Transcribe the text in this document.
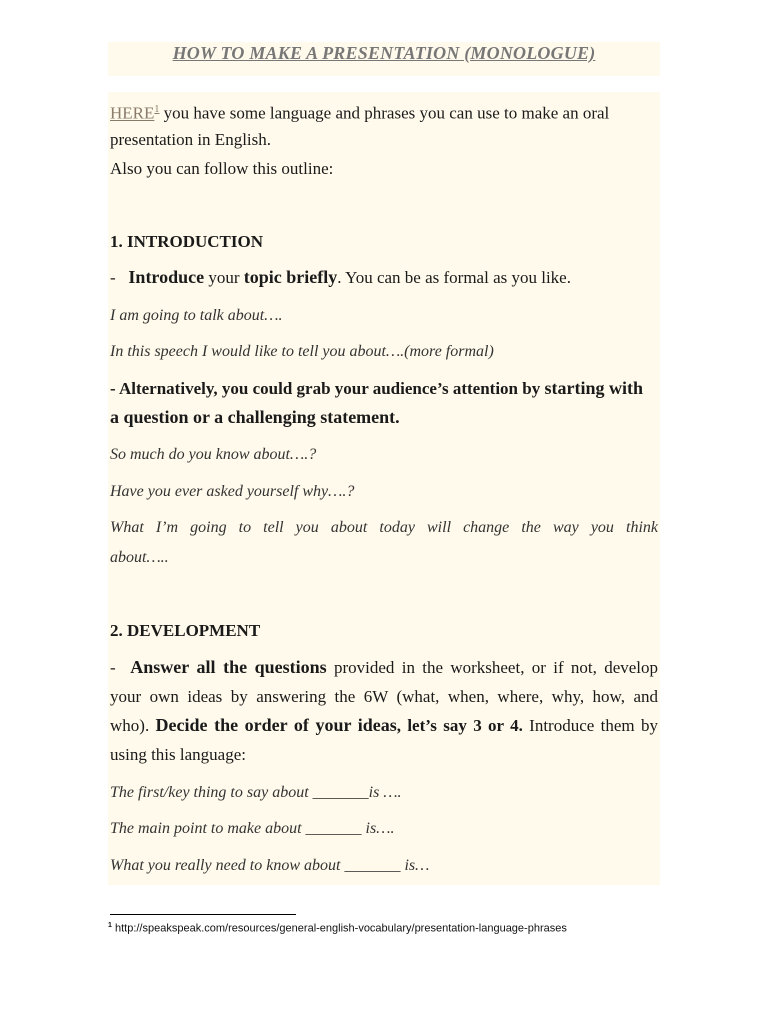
HOW TO MAKE A PRESENTATION (MONOLOGUE)
HERE$^1$ you have some language and phrases you can use to make an oral
presentation in English.
Also you can follow this outline:
1. INTRODUCTION
- Introduce your topic briefly. You can be as formal as you like.
I am going to talk about….
In this speech I would like to tell you about….(more formal)
- Alternatively, you could grab your audience’s attention by starting with
a question or a challenging statement.
So much do you know about….?
Have you ever asked yourself why….?
What I’m going to tell you about today will change the way you think
about…..
2. DEVELOPMENT
- Answer all the questions provided in the worksheet, or if not, develop
your own ideas by answering the 6W (what, when, where, why, how, and
who). Decide the order of your ideas, let’s say 3 or 4. Introduce them by
using this language:
The first/key thing to say about _______is ….
The main point to make about _______ is….
What you really need to know about _______ is…
$^1$ http://speakspeak.com/resources/general-english-vocabulary/presentation-language-phrases
